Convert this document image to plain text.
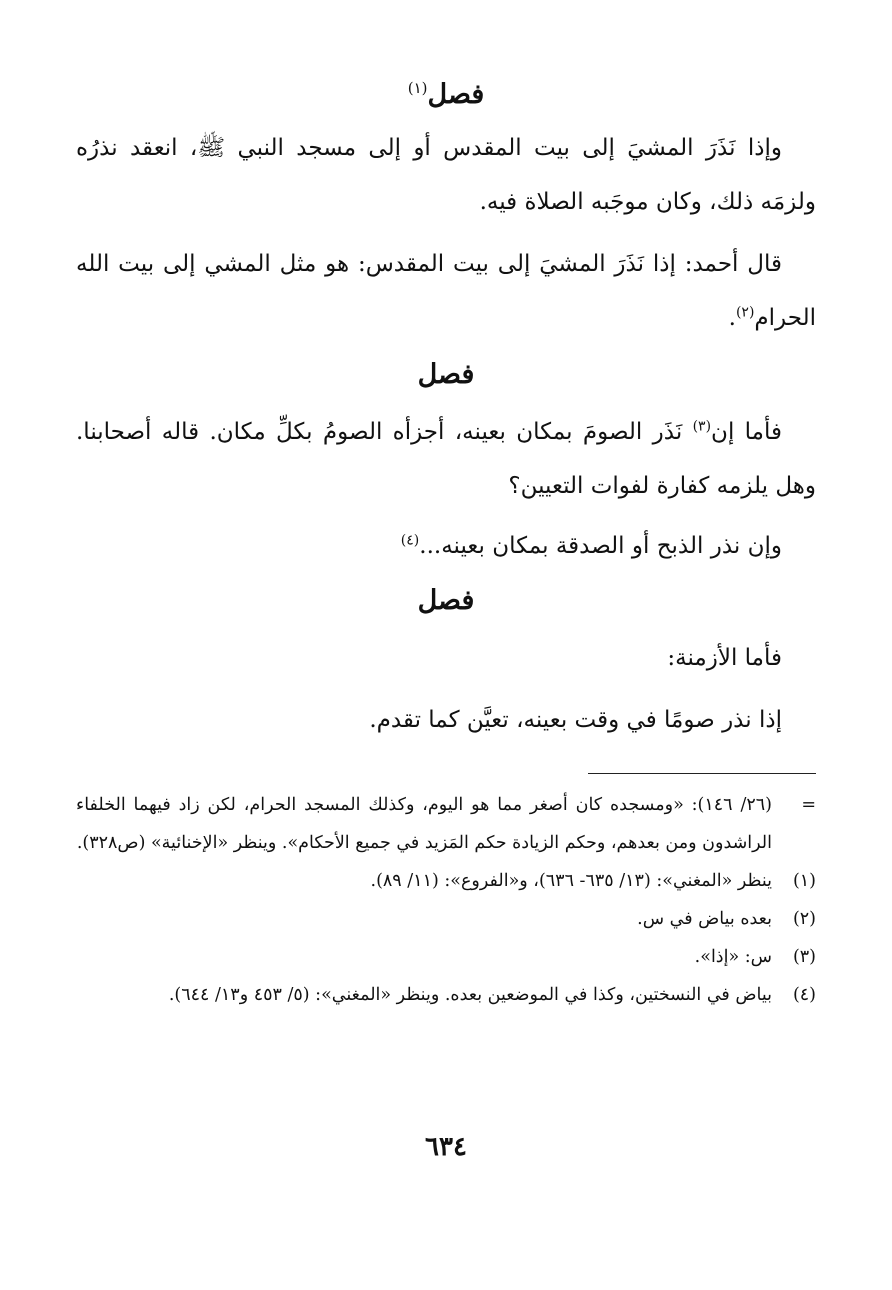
فصل$^{(١)}$

وإذا نَذَرَ المشيَ إلى بيت المقدس أو إلى مسجد النبي ﷺ، انعقد نذرُه ولزمَه ذلك، وكان موجَبه الصلاة فيه.

قال أحمد: إذا نَذَرَ المشيَ إلى بيت المقدس: هو مثل المشي إلى بيت الله الحرام$^{(٢)}$.

فصل

فأما إن$^{(٣)}$ نَذَر الصومَ بمكان بعينه، أجزأه الصومُ بكلِّ مكان. قاله أصحابنا. وهل يلزمه كفارة لفوات التعيين؟

وإن نذر الذبح أو الصدقة بمكان بعينه...$^{(٤)}$

فصل

فأما الأزمنة:

إذا نذر صومًا في وقت بعينه، تعيَّن كما تقدم.

=
(٢٦/ ١٤٦): «ومسجده كان أصغر مما هو اليوم، وكذلك المسجد الحرام، لكن زاد فيهما الخلفاء الراشدون ومن بعدهم، وحكم الزيادة حكم المَزيد في جميع الأحكام». وينظر «الإخنائية» (ص٣٢٨).
(١)
ينظر «المغني»: (١٣/ ٦٣٥- ٦٣٦)، و«الفروع»: (١١/ ٨٩).
(٢)
بعده بياض في س.
(٣)
س: «إذا».
(٤)
بياض في النسختين، وكذا في الموضعين بعده. وينظر «المغني»: (٥/ ٤٥٣ و١٣/ ٦٤٤).
٦٣٤
